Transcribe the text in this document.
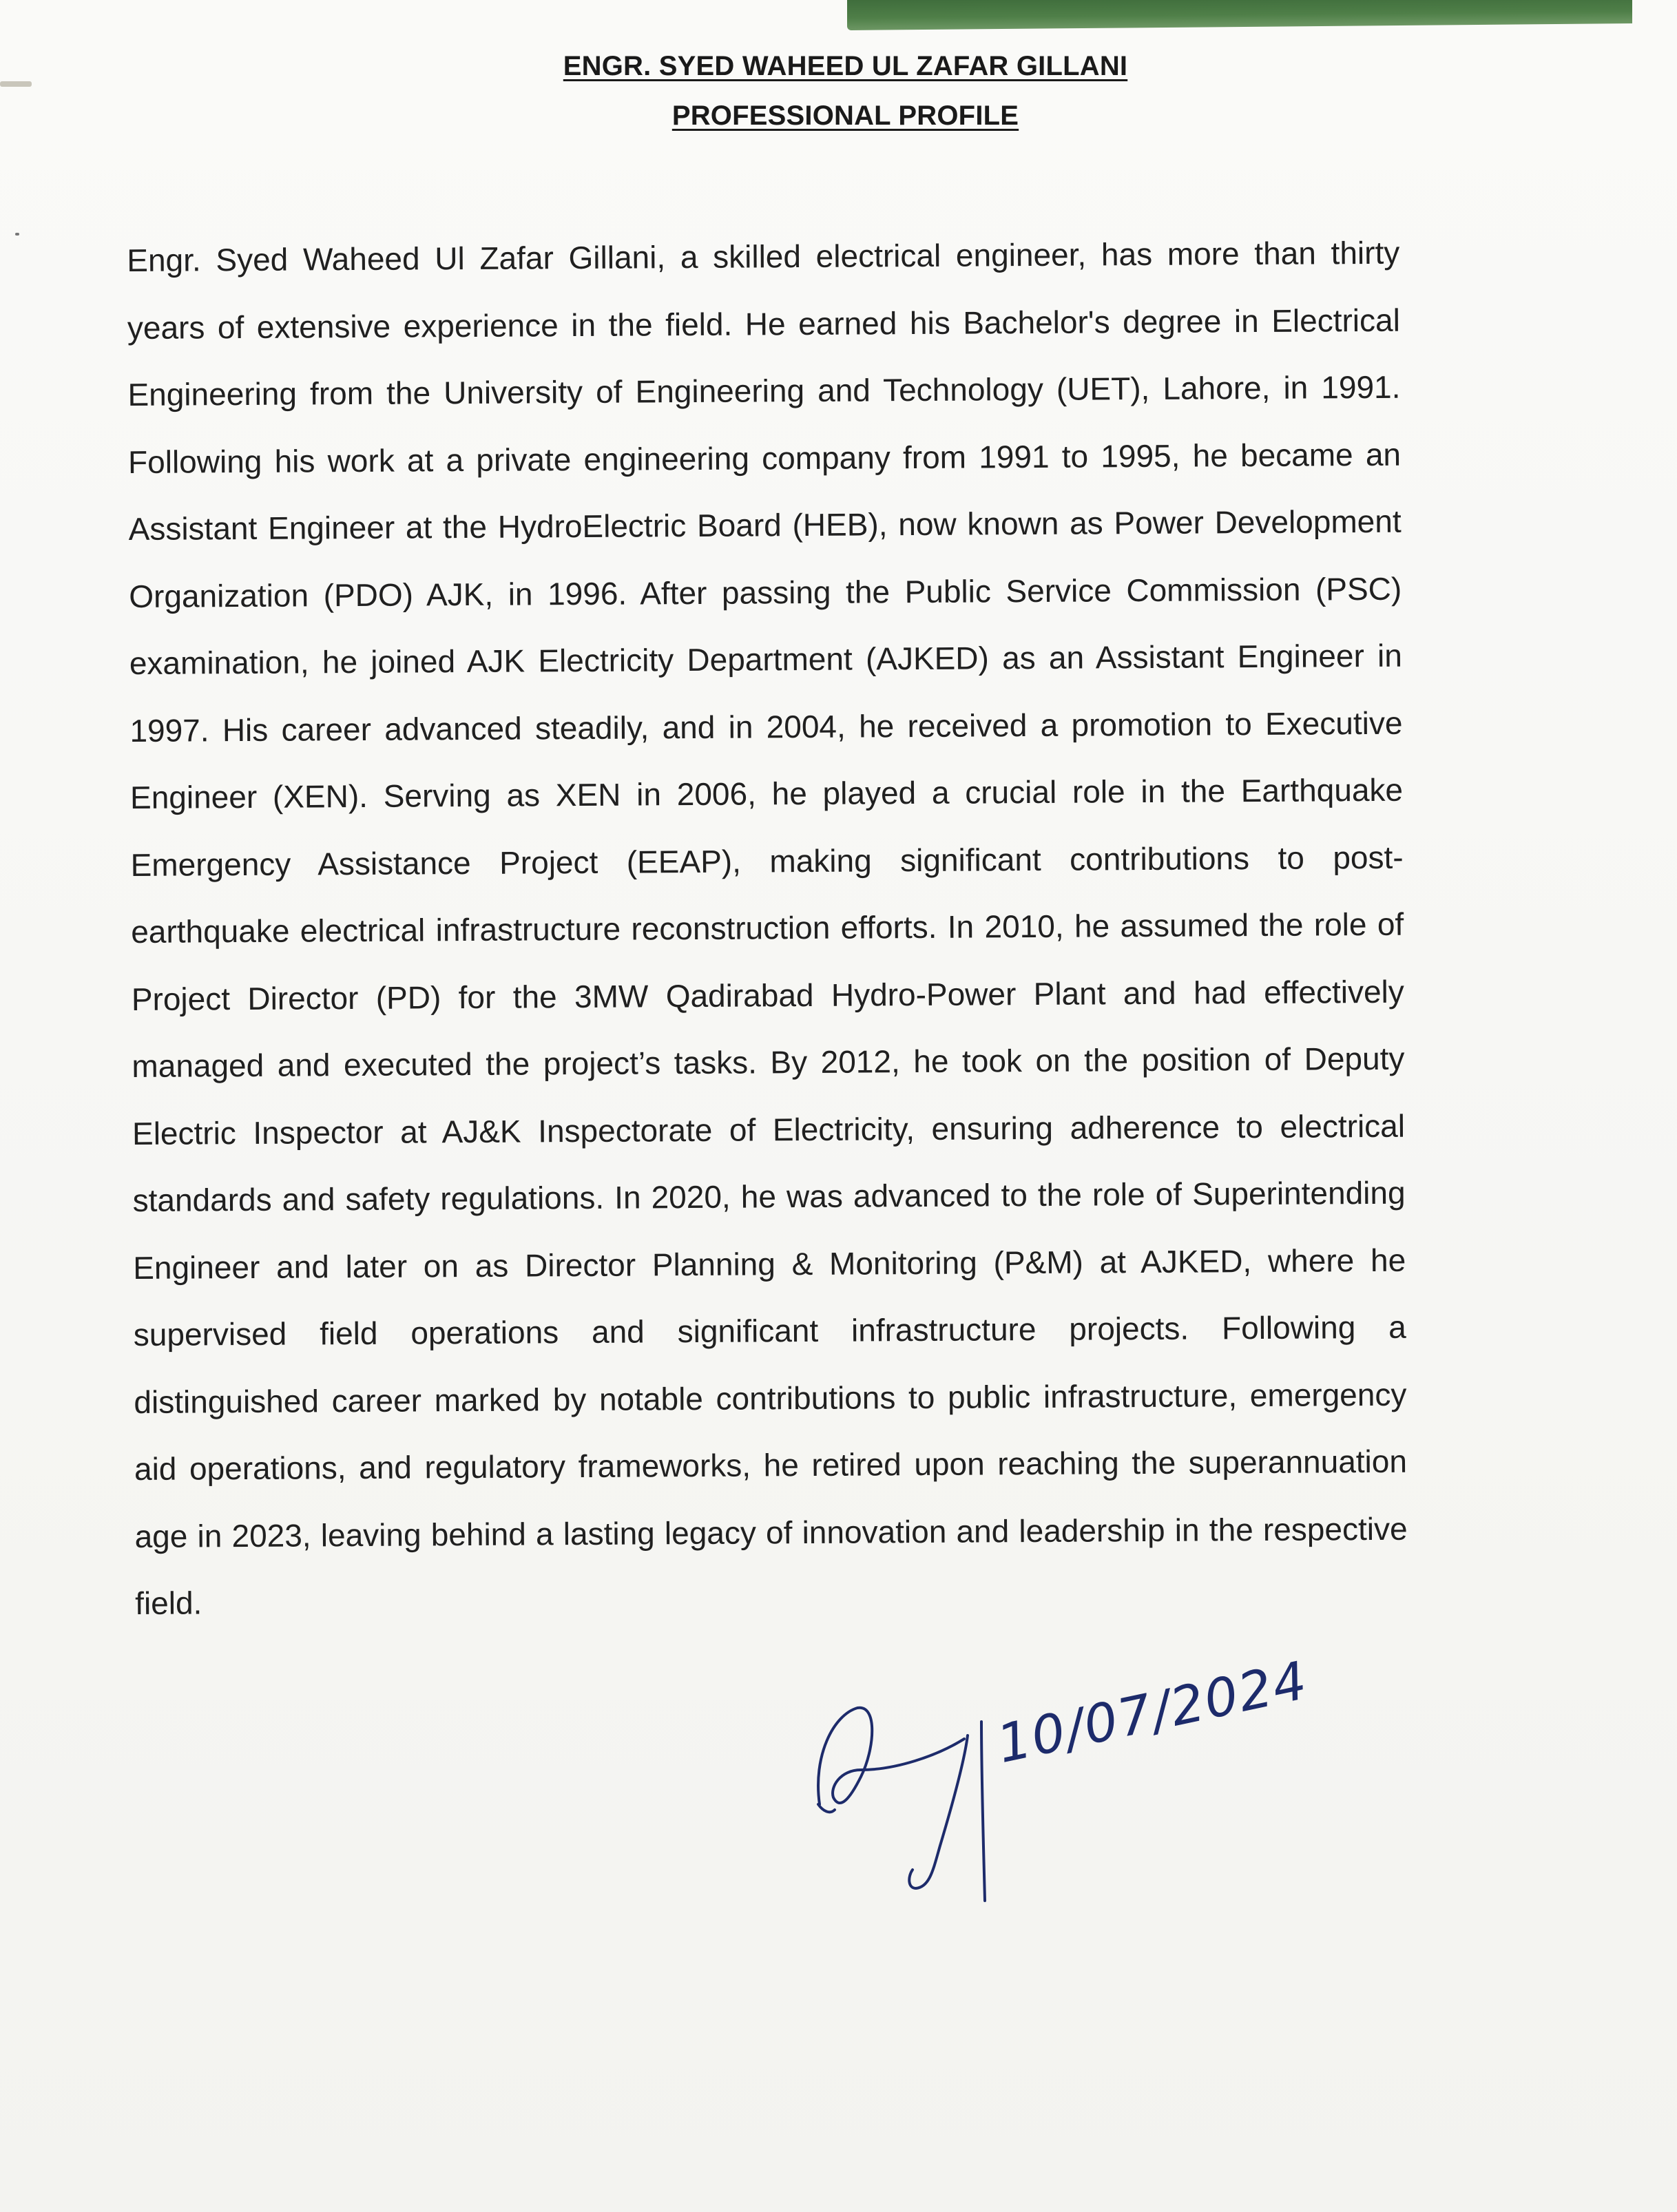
ENGR. SYED WAHEED UL ZAFAR GILLANI
PROFESSIONAL PROFILE
Engr. Syed Waheed Ul Zafar Gillani, a skilled electrical engineer, has more than thirty years of extensive experience in the field. He earned his Bachelor's degree in Electrical Engineering from the University of Engineering and Technology (UET), Lahore, in 1991. Following his work at a private engineering company from 1991 to 1995, he became an Assistant Engineer at the HydroElectric Board (HEB), now known as Power Development Organization (PDO) AJK, in 1996. After passing the Public Service Commission (PSC) examination, he joined AJK Electricity Department (AJKED) as an Assistant Engineer in 1997. His career advanced steadily, and in 2004, he received a promotion to Executive Engineer (XEN). Serving as XEN in 2006, he played a crucial role in the Earthquake Emergency Assistance Project (EEAP), making significant contributions to post-earthquake electrical infrastructure reconstruction efforts. In 2010, he assumed the role of Project Director (PD) for the 3MW Qadirabad Hydro-Power Plant and had effectively managed and executed the project’s tasks. By 2012, he took on the position of Deputy Electric Inspector at AJ&K Inspectorate of Electricity, ensuring adherence to electrical standards and safety regulations. In 2020, he was advanced to the role of Superintending Engineer and later on as Director Planning & Monitoring (P&M) at AJKED, where he supervised field operations and significant infrastructure projects. Following a distinguished career marked by notable contributions to public infrastructure, emergency aid operations, and regulatory frameworks, he retired upon reaching the superannuation age in 2023, leaving behind a lasting legacy of innovation and leadership in the respective field.
10/07/2024
